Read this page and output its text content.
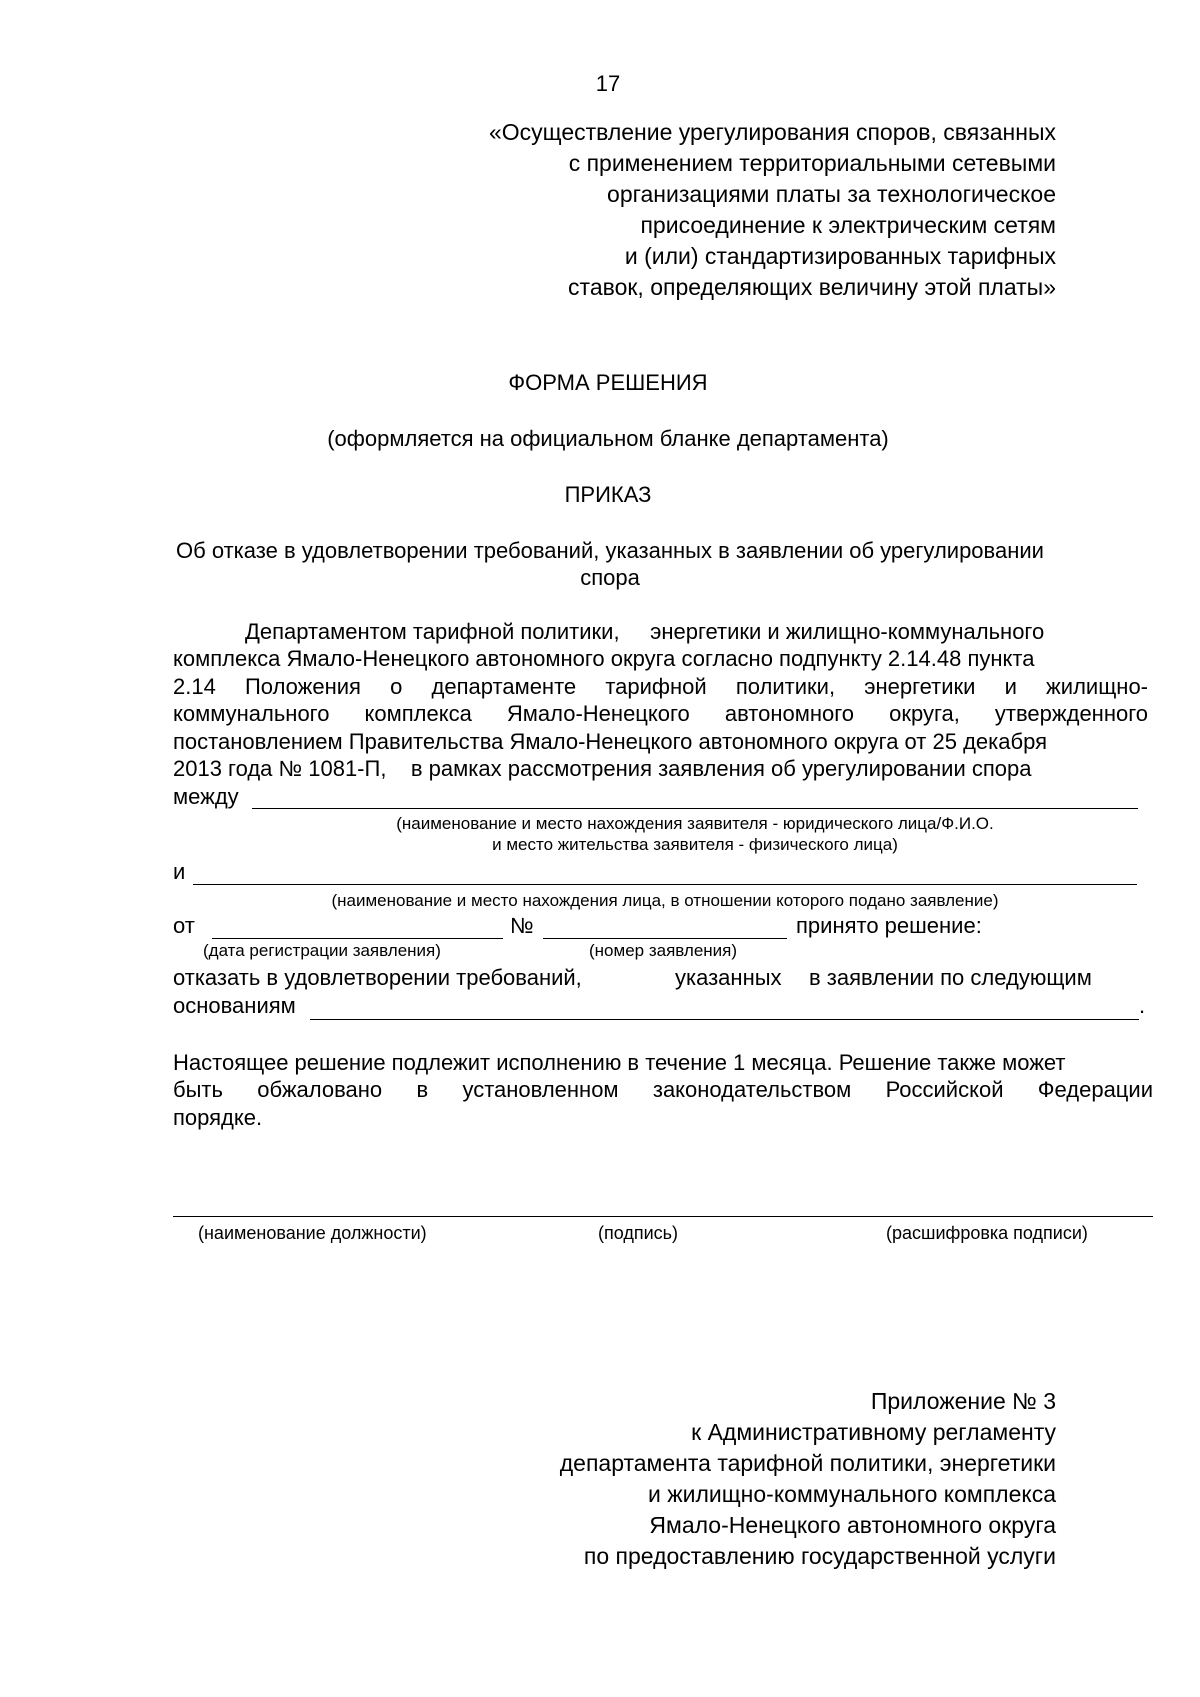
17
«Осуществление урегулирования споров, связанных
с применением территориальными сетевыми
организациями платы за технологическое
присоединение к электрическим сетям
и (или) стандартизированных тарифных
ставок, определяющих величину этой платы»
ФОРМА РЕШЕНИЯ
(оформляется на официальном бланке департамента)
ПРИКАЗ
Об отказе в удовлетворении требований, указанных в заявлении об урегулировании
спора
Департаментом тарифной политики,     энергетики и жилищно-коммунального
комплекса Ямало-Ненецкого автономного округа согласно подпункту 2.14.48 пункта
2.14 Положения о департаменте тарифной политики, энергетики и жилищно-
коммунального комплекса Ямало-Ненецкого автономного округа, утвержденного
постановлением Правительства Ямало-Ненецкого автономного округа от 25 декабря
2013 года № 1081-П,    в рамках рассмотрения заявления об урегулировании спора
между
(наименование и место нахождения заявителя - юридического лица/Ф.И.О.
и место жительства заявителя - физического лица)
и
(наименование и место нахождения лица, в отношении которого подано заявление)
от	№	принято решение:
(дата регистрации заявления)	(номер заявления)
отказать в удовлетворении требований,	указанных в заявлении по следующим
основаниям	.
Настоящее решение подлежит исполнению в течение 1 месяца. Решение также может
быть обжаловано в установленном законодательством Российской Федерации
порядке.
(наименование должности)	(подпись)	(расшифровка подписи)
Приложение № 3
к Административному регламенту
департамента тарифной политики, энергетики
и жилищно-коммунального комплекса
Ямало-Ненецкого автономного округа
по предоставлению государственной услуги
